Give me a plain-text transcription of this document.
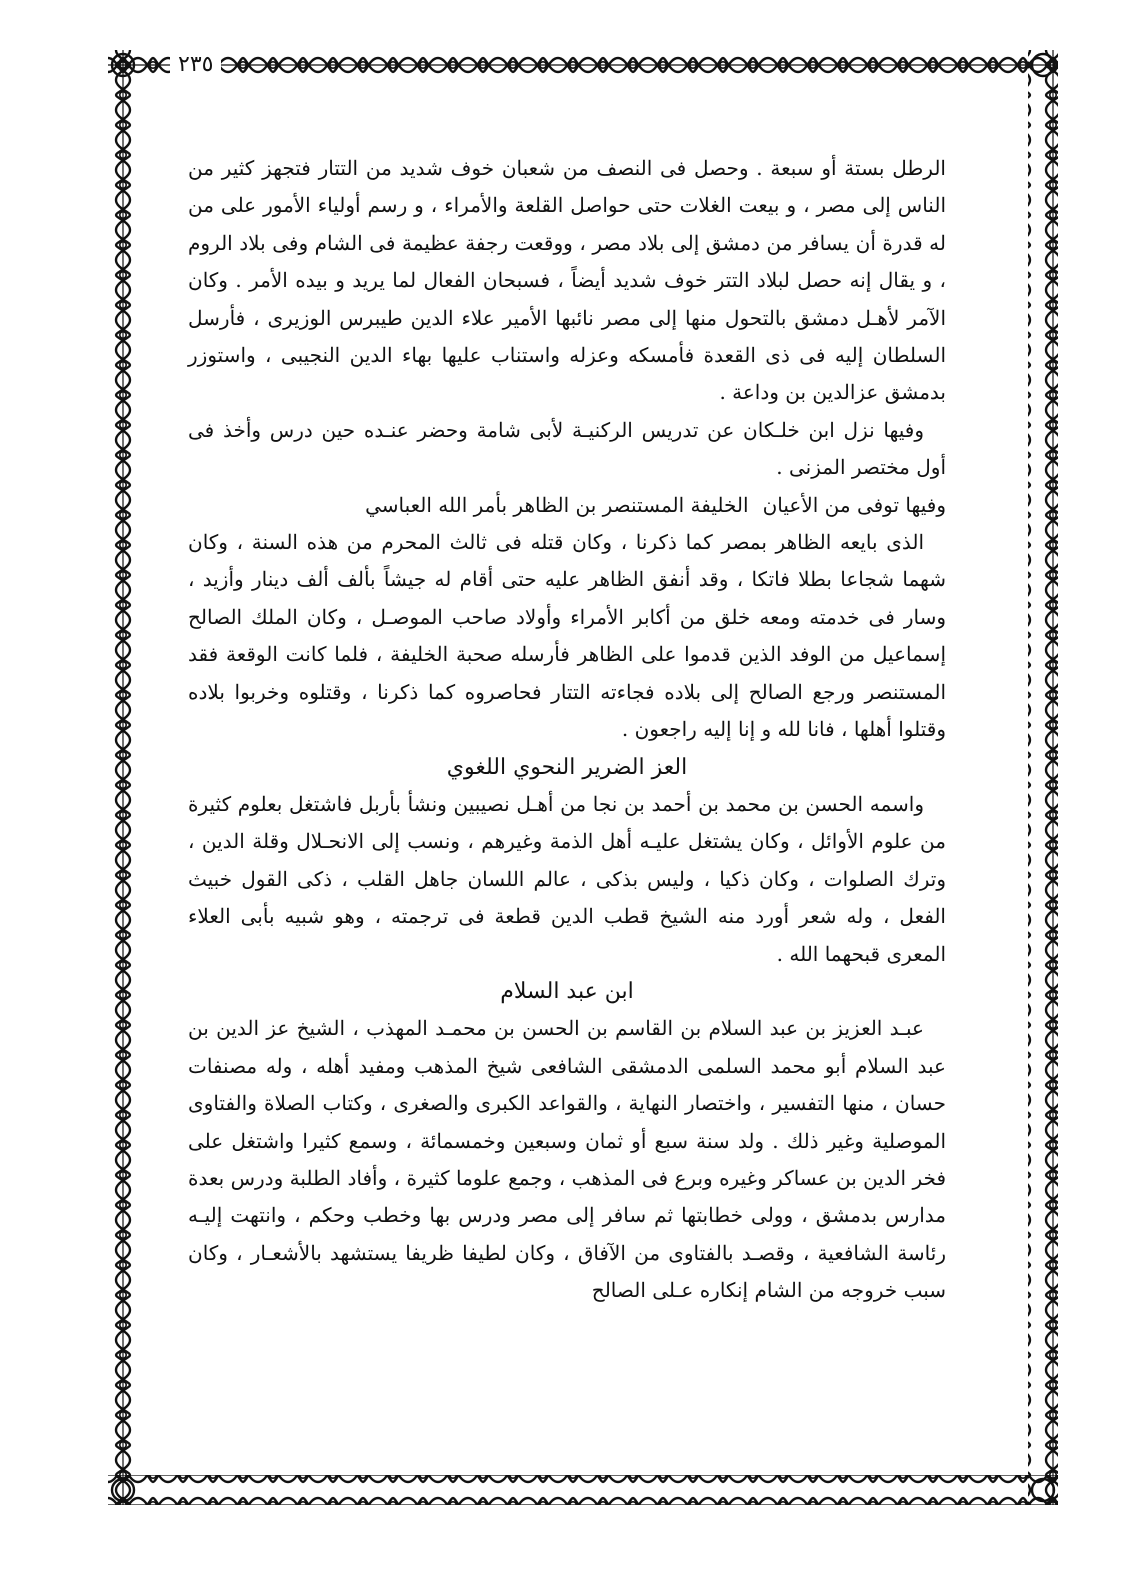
٢٣٥

الرطل بستة أو سبعة . وحصل فى النصف من شعبان خوف شديد من التتار فتجهز كثير من الناس إلى مصر ، و بيعت الغلات حتى حواصل القلعة والأمراء ، و رسم أولياء الأمور على من له قدرة أن يسافر من دمشق إلى بلاد مصر ، ووقعت رجفة عظيمة فى الشام وفى بلاد الروم ، و يقال إنه حصل لبلاد التتر خوف شديد أيضاً ، فسبحان الفعال لما يريد و بيده الأمر . وكان الآمر لأهـل دمشق بالتحول منها إلى مصر نائبها الأمير علاء الدين طيبرس الوزيرى ، فأرسل السلطان إليه فى ذى القعدة فأمسكه وعزله واستناب عليها بهاء الدين النجيبى ، واستوزر بدمشق عزالدين بن وداعة .

وفيها نزل ابن خلـكان عن تدريس الركنيـة لأبى شامة وحضر عنـده حين درس وأخذ فى أول مختصر المزنى .

وفيها توفى من الأعيان
الخليفة المستنصر بن الظاهر بأمر الله العباسي

الذى بايعه الظاهر بمصر كما ذكرنا ، وكان قتله فى ثالث المحرم من هذه السنة ، وكان شهما شجاعا بطلا فاتكا ، وقد أنفق الظاهر عليه حتى أقام له جيشاً بألف ألف دينار وأزيد ، وسار فى خدمته ومعه خلق من أكابر الأمراء وأولاد صاحب الموصـل ، وكان الملك الصالح إسماعيل من الوفد الذين قدموا على الظاهر فأرسله صحبة الخليفة ، فلما كانت الوقعة فقد المستنصر ورجع الصالح إلى بلاده فجاءته التتار فحاصروه كما ذكرنا ، وقتلوه وخربوا بلاده وقتلوا أهلها ، فانا لله و إنا إليه راجعون .

العز الضرير النحوي اللغوي

واسمه الحسن بن محمد بن أحمد بن نجا من أهـل نصيبين ونشأ بأربل فاشتغل بعلوم كثيرة من علوم الأوائل ، وكان يشتغل عليـه أهل الذمة وغيرهم ، ونسب إلى الانحـلال وقلة الدين ، وترك الصلوات ، وكان ذكيا ، وليس بذكى ، عالم اللسان جاهل القلب ، ذكى القول خبيث الفعل ، وله شعر أورد منه الشيخ قطب الدين قطعة فى ترجمته ، وهو شبيه بأبى العلاء المعرى قبحهما الله .

ابن عبد السلام

عبـد العزيز بن عبد السلام بن القاسم بن الحسن بن محمـد المهذب ، الشيخ عز الدين بن عبد السلام أبو محمد السلمى الدمشقى الشافعى شيخ المذهب ومفيد أهله ، وله مصنفات حسان ، منها التفسير ، واختصار النهاية ، والقواعد الكبرى والصغرى ، وكتاب الصلاة والفتاوى الموصلية وغير ذلك . ولد سنة سبع أو ثمان وسبعين وخمسمائة ، وسمع كثيرا واشتغل على فخر الدين بن عساكر وغيره وبرع فى المذهب ، وجمع علوما كثيرة ، وأفاد الطلبة ودرس بعدة مدارس بدمشق ، وولى خطابتها ثم سافر إلى مصر ودرس بها وخطب وحكم ، وانتهت إليـه رئاسة الشافعية ، وقصـد بالفتاوى من الآفاق ، وكان لطيفا ظريفا يستشهد بالأشعـار ، وكان سبب خروجه من الشام إنكاره عـلى الصالح
